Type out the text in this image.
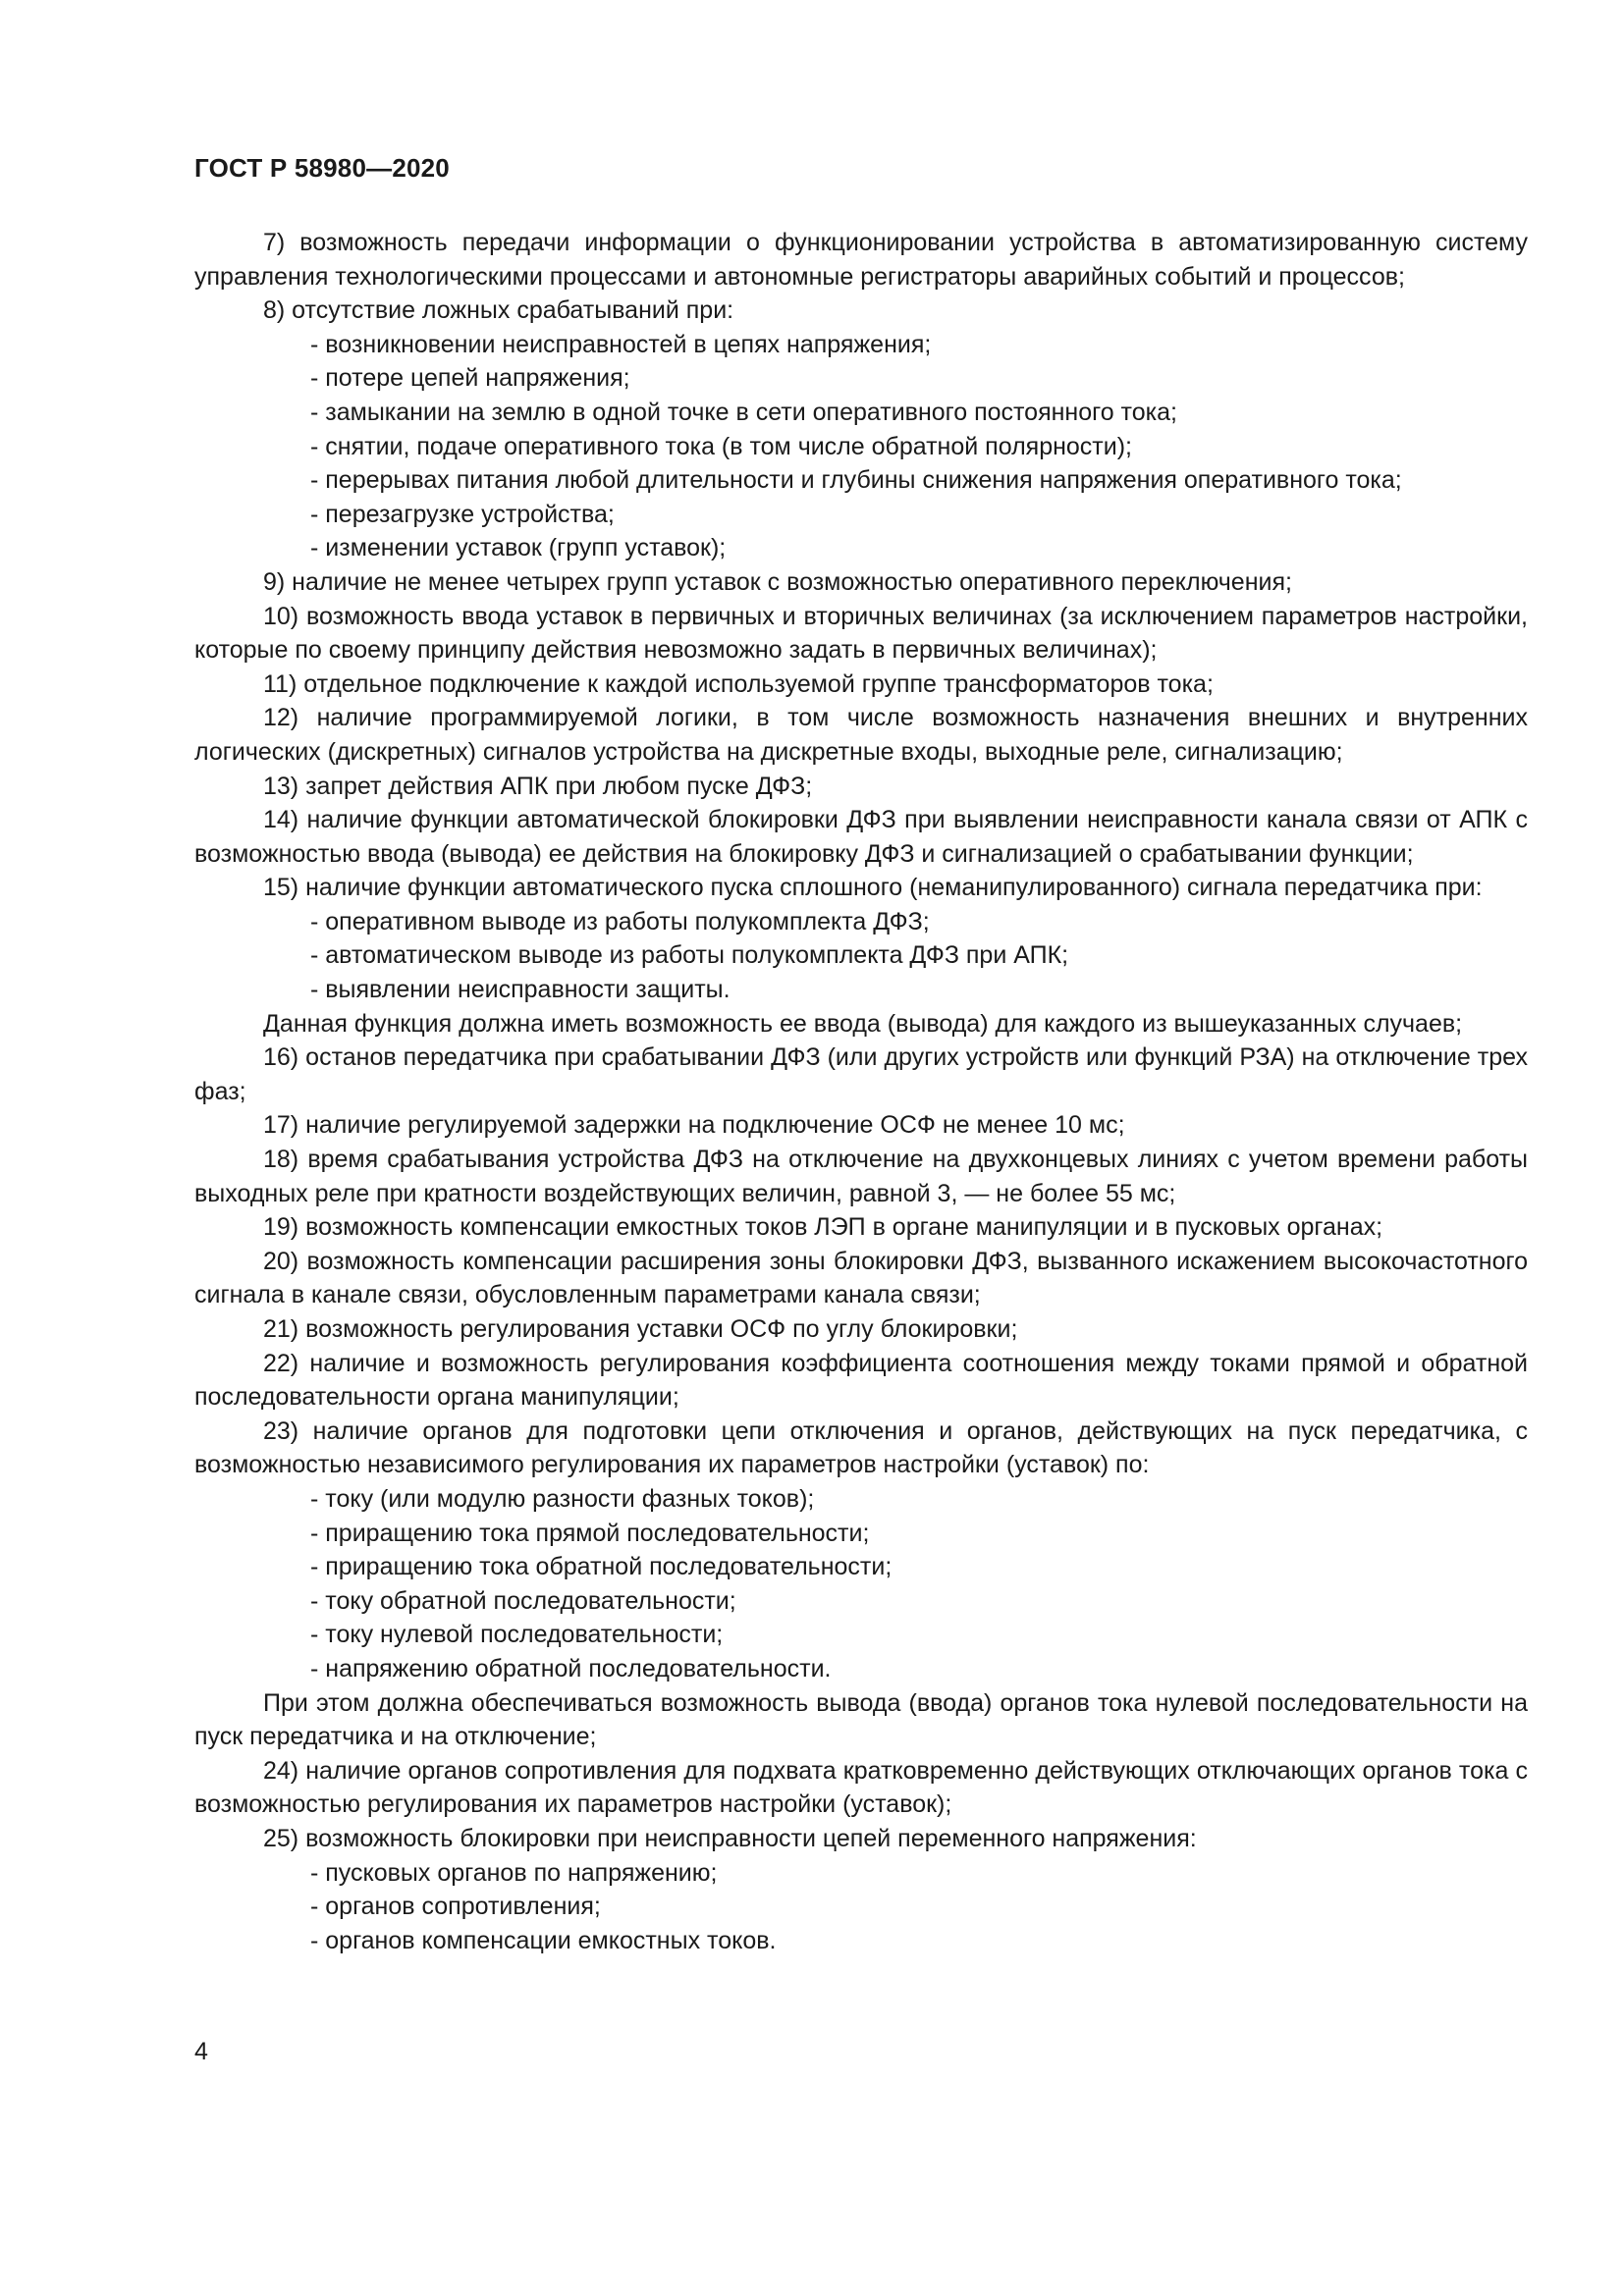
ГОСТ Р 58980—2020
7) возможность передачи информации о функционировании устройства в автоматизированную систему управления технологическими процессами и автономные регистраторы аварийных событий и процессов;
8) отсутствие ложных срабатываний при:
- возникновении неисправностей в цепях напряжения;
- потере цепей напряжения;
- замыкании на землю в одной точке в сети оперативного постоянного тока;
- снятии, подаче оперативного тока (в том числе обратной полярности);
- перерывах питания любой длительности и глубины снижения напряжения оперативного тока;
- перезагрузке устройства;
- изменении уставок (групп уставок);
9) наличие не менее четырех групп уставок с возможностью оперативного переключения;
10) возможность ввода уставок в первичных и вторичных величинах (за исключением параметров настройки, которые по своему принципу действия невозможно задать в первичных величинах);
11) отдельное подключение к каждой используемой группе трансформаторов тока;
12) наличие программируемой логики, в том числе возможность назначения внешних и внутренних логических (дискретных) сигналов устройства на дискретные входы, выходные реле, сигнализацию;
13) запрет действия АПК при любом пуске ДФЗ;
14) наличие функции автоматической блокировки ДФЗ при выявлении неисправности канала связи от АПК с возможностью ввода (вывода) ее действия на блокировку ДФЗ и сигнализацией о срабатывании функции;
15) наличие функции автоматического пуска сплошного (неманипулированного) сигнала передатчика при:
- оперативном выводе из работы полукомплекта ДФЗ;
- автоматическом выводе из работы полукомплекта ДФЗ при АПК;
- выявлении неисправности защиты.
Данная функция должна иметь возможность ее ввода (вывода) для каждого из вышеуказанных случаев;
16) останов передатчика при срабатывании ДФЗ (или других устройств или функций РЗА) на отключение трех фаз;
17) наличие регулируемой задержки на подключение ОСФ не менее 10 мс;
18) время срабатывания устройства ДФЗ на отключение на двухконцевых линиях с учетом времени работы выходных реле при кратности воздействующих величин, равной 3, — не более 55 мс;
19) возможность компенсации емкостных токов ЛЭП в органе манипуляции и в пусковых органах;
20) возможность компенсации расширения зоны блокировки ДФЗ, вызванного искажением высокочастотного сигнала в канале связи, обусловленным параметрами канала связи;
21) возможность регулирования уставки ОСФ по углу блокировки;
22) наличие и возможность регулирования коэффициента соотношения между токами прямой и обратной последовательности органа манипуляции;
23) наличие органов для подготовки цепи отключения и органов, действующих на пуск передатчика, с возможностью независимого регулирования их параметров настройки (уставок) по:
- току (или модулю разности фазных токов);
- приращению тока прямой последовательности;
- приращению тока обратной последовательности;
- току обратной последовательности;
- току нулевой последовательности;
- напряжению обратной последовательности.
При этом должна обеспечиваться возможность вывода (ввода) органов тока нулевой последовательности на пуск передатчика и на отключение;
24) наличие органов сопротивления для подхвата кратковременно действующих отключающих органов тока с возможностью регулирования их параметров настройки (уставок);
25) возможность блокировки при неисправности цепей переменного напряжения:
- пусковых органов по напряжению;
- органов сопротивления;
- органов компенсации емкостных токов.
4
